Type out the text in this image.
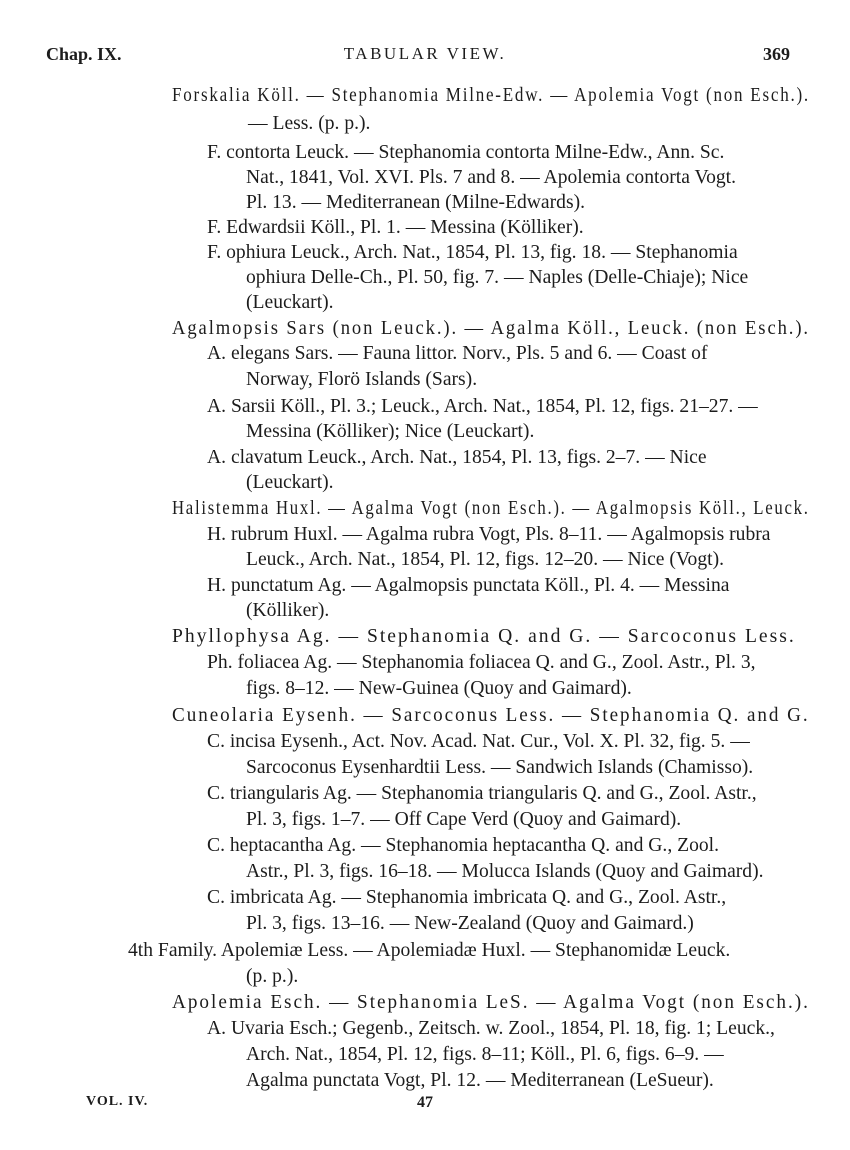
Chap. IX.	TABULAR VIEW.	369
Forskalia Köll. — Stephanomia Milne-Edw. — Apolemia Vogt (non Esch.).
— Less. (p. p.).
F. contorta Leuck. — Stephanomia contorta Milne-Edw., Ann. Sc.
Nat., 1841, Vol. XVI. Pls. 7 and 8. — Apolemia contorta Vogt.
Pl. 13. — Mediterranean (Milne-Edwards).
F. Edwardsii Köll., Pl. 1. — Messina (Kölliker).
F. ophiura Leuck., Arch. Nat., 1854, Pl. 13, fig. 18. — Stephanomia
ophiura Delle-Ch., Pl. 50, fig. 7. — Naples (Delle-Chiaje); Nice
(Leuckart).
Agalmopsis Sars (non Leuck.). — Agalma Köll., Leuck. (non Esch.).
A. elegans Sars. — Fauna littor. Norv., Pls. 5 and 6. — Coast of
Norway, Florö Islands (Sars).
A. Sarsii Köll., Pl. 3.; Leuck., Arch. Nat., 1854, Pl. 12, figs. 21–27. —
Messina (Kölliker); Nice (Leuckart).
A. clavatum Leuck., Arch. Nat., 1854, Pl. 13, figs. 2–7. — Nice
(Leuckart).
Halistemma Huxl. — Agalma Vogt (non Esch.). — Agalmopsis Köll., Leuck.
H. rubrum Huxl. — Agalma rubra Vogt, Pls. 8–11. — Agalmopsis rubra
Leuck., Arch. Nat., 1854, Pl. 12, figs. 12–20. — Nice (Vogt).
H. punctatum Ag. — Agalmopsis punctata Köll., Pl. 4. — Messina
(Kölliker).
Phyllophysa Ag. — Stephanomia Q. and G. — Sarcoconus Less.
Ph. foliacea Ag. — Stephanomia foliacea Q. and G., Zool. Astr., Pl. 3,
figs. 8–12. — New-Guinea (Quoy and Gaimard).
Cuneolaria Eysenh. — Sarcoconus Less. — Stephanomia Q. and G.
C. incisa Eysenh., Act. Nov. Acad. Nat. Cur., Vol. X. Pl. 32, fig. 5. —
Sarcoconus Eysenhardtii Less. — Sandwich Islands (Chamisso).
C. triangularis Ag. — Stephanomia triangularis Q. and G., Zool. Astr.,
Pl. 3, figs. 1–7. — Off Cape Verd (Quoy and Gaimard).
C. heptacantha Ag. — Stephanomia heptacantha Q. and G., Zool.
Astr., Pl. 3, figs. 16–18. — Molucca Islands (Quoy and Gaimard).
C. imbricata Ag. — Stephanomia imbricata Q. and G., Zool. Astr.,
Pl. 3, figs. 13–16. — New-Zealand (Quoy and Gaimard.)
4th Family. Apolemiæ Less. — Apolemiadæ Huxl. — Stephanomidæ Leuck.
(p. p.).
Apolemia Esch. — Stephanomia LeS. — Agalma Vogt (non Esch.).
A. Uvaria Esch.; Gegenb., Zeitsch. w. Zool., 1854, Pl. 18, fig. 1; Leuck.,
Arch. Nat., 1854, Pl. 12, figs. 8–11; Köll., Pl. 6, figs. 6–9. —
Agalma punctata Vogt, Pl. 12. — Mediterranean (LeSueur).
VOL. IV.	47
